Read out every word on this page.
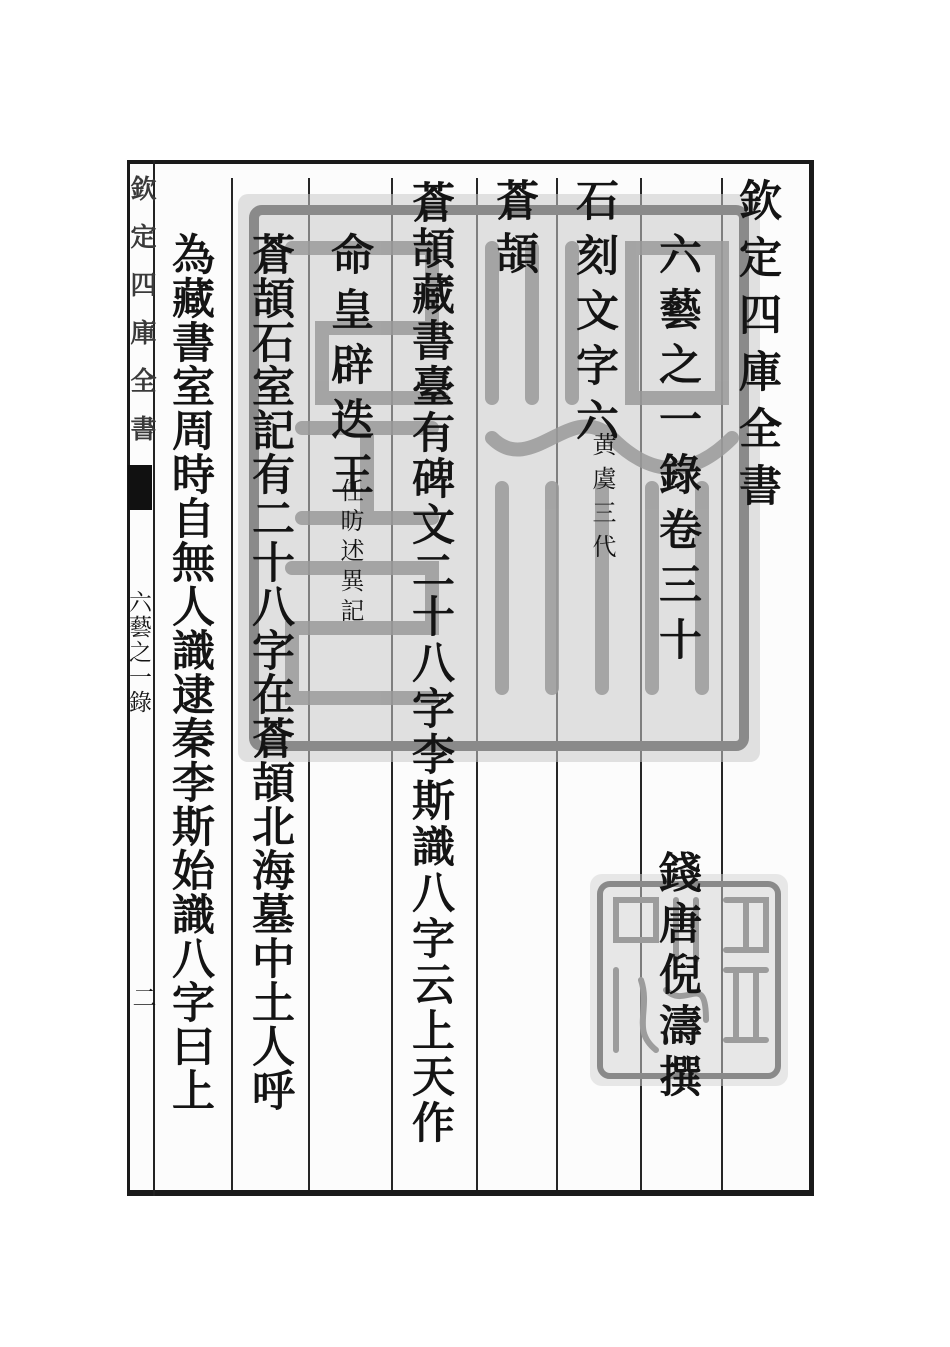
欽定四庫全書
六藝之一錄
二
欽定四庫全書
六藝之一錄卷三十
錢唐倪濤撰
石刻文字六
黄虞三代
蒼頡
蒼頡藏書臺有碑文二十八字李斯識八字云上天作
命皇辟迭王
任昉述異記
蒼頡石室記有二十八字在蒼頡北海墓中土人呼
為藏書室周時自無人識逮秦李斯始識八字曰上
